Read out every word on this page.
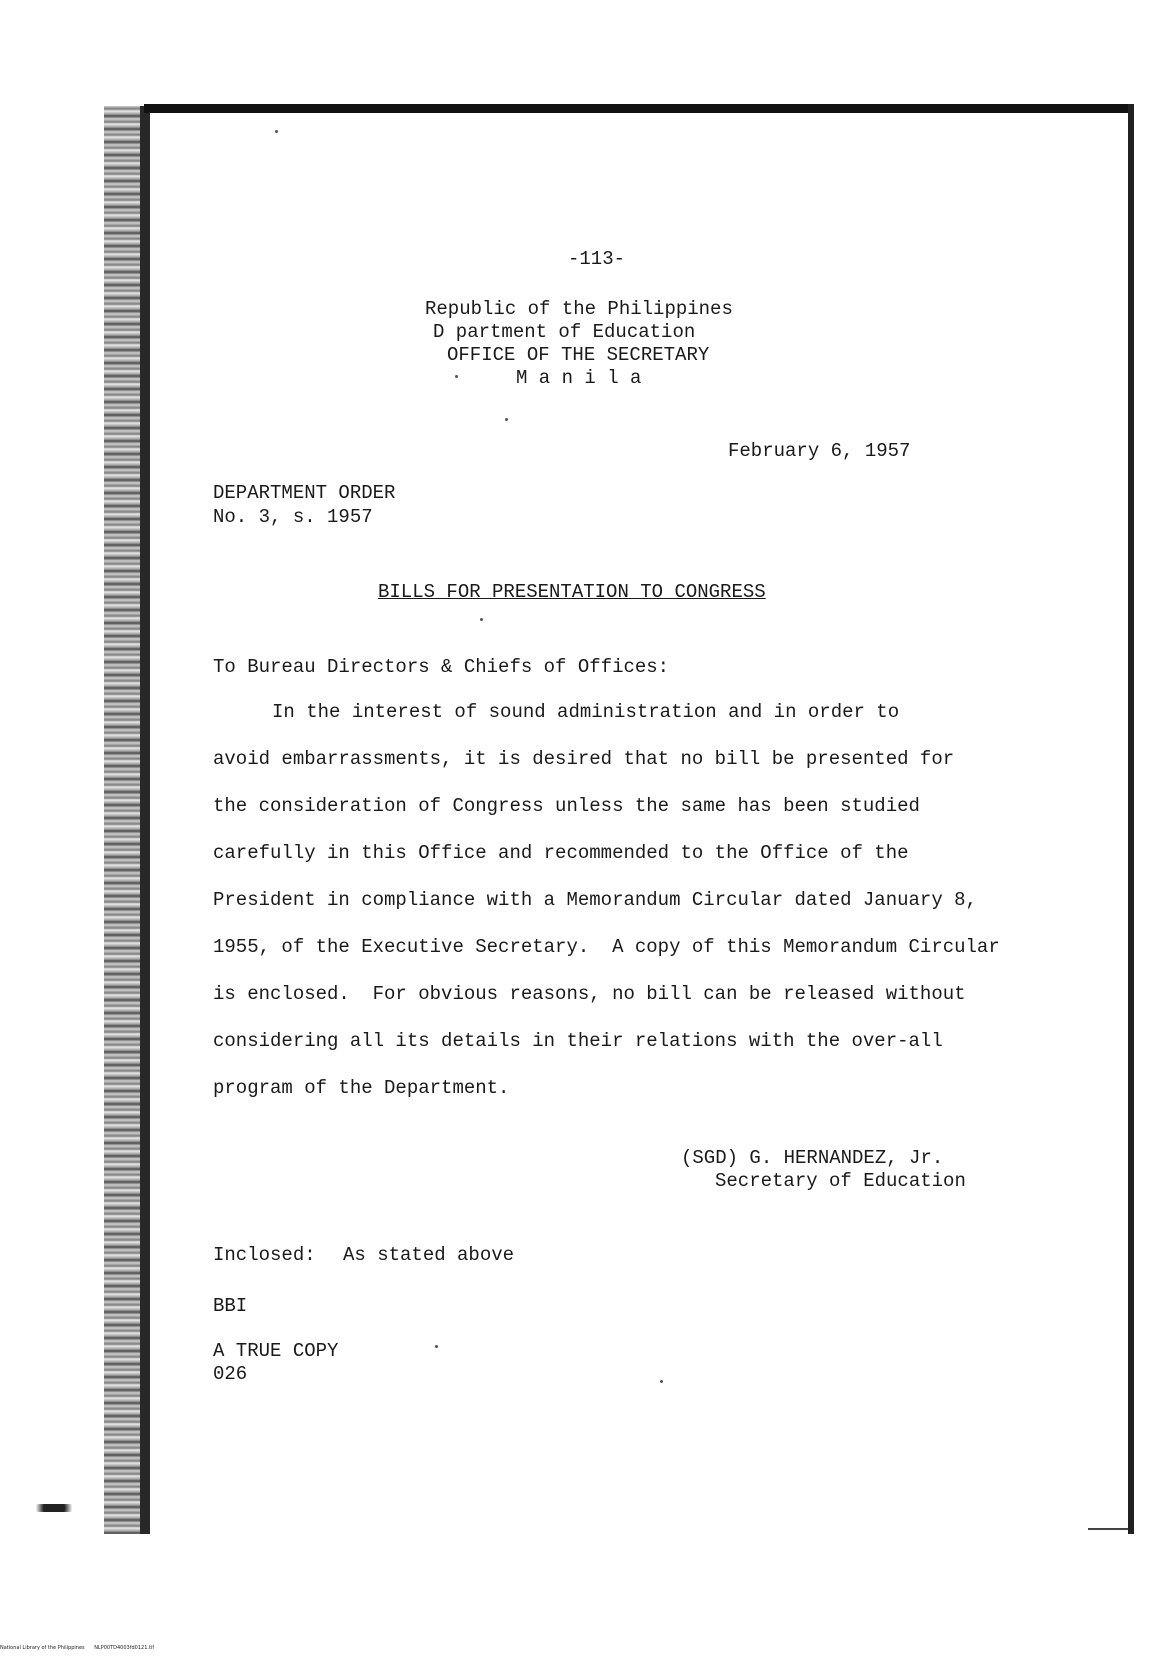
-113-
Republic of the Philippines
D partment of Education
OFFICE OF THE SECRETARY
M a n i l a
February 6, 1957
DEPARTMENT ORDER
No. 3, s. 1957
BILLS FOR PRESENTATION TO CONGRESS
To Bureau Directors & Chiefs of Offices:
In the interest of sound administration and in order to
avoid embarrassments, it is desired that no bill be presented for
the consideration of Congress unless the same has been studied
carefully in this Office and recommended to the Office of the
President in compliance with a Memorandum Circular dated January 8,
1955, of the Executive Secretary.  A copy of this Memorandum Circular
is enclosed.  For obvious reasons, no bill can be released without
considering all its details in their relations with the over-all
program of the Department.
(SGD) G. HERNANDEZ, Jr.
Secretary of Education
Inclosed: As stated above
BBI
A TRUE COPY
026
National Library of the Philippines NLP00TD4003fd0121.tif
